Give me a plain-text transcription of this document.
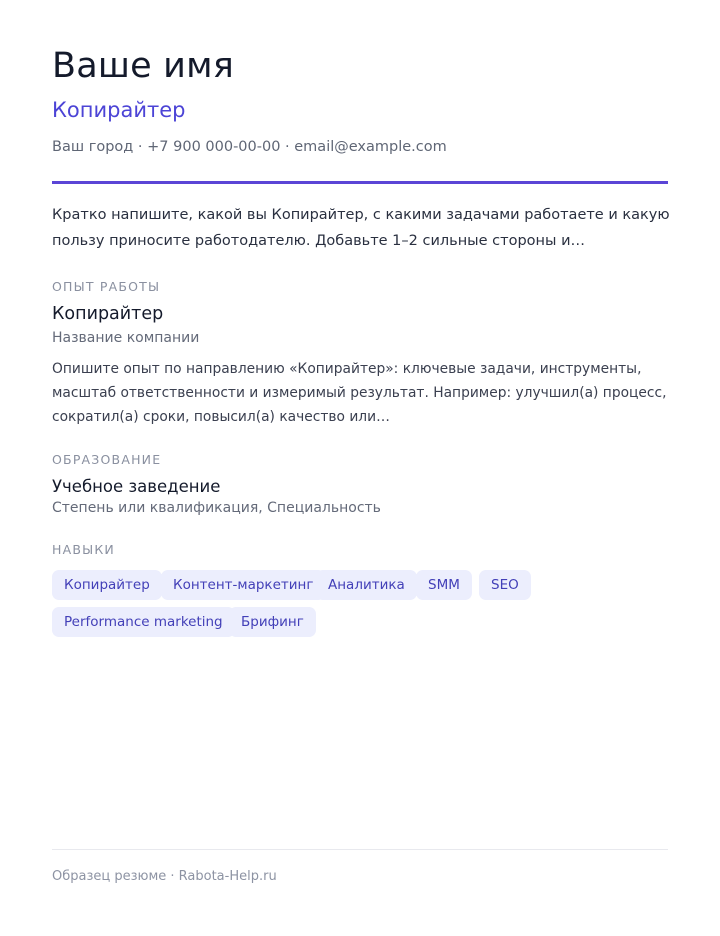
Ваше имя
Копирайтер
Ваш город · +7 900 000-00-00 · email@example.com
Кратко напишите, какой вы Копирайтер, с какими задачами работаете и какую пользу приносите работодателю. Добавьте 1–2 сильные стороны и…
ОПЫТ РАБОТЫ
Копирайтер
Название компании
Опишите опыт по направлению «Копирайтер»: ключевые задачи, инструменты, масштаб ответственности и измеримый результат. Например: улучшил(а) процесс, сократил(а) сроки, повысил(а) качество или…
ОБРАЗОВАНИЕ
Учебное заведение
Степень или квалификация, Специальность
НАВЫКИ
Копирайтер	Контент-маркетинг	Аналитика	SMM	SEO
Performance marketing	Брифинг
Образец резюме · Rabota-Help.ru
